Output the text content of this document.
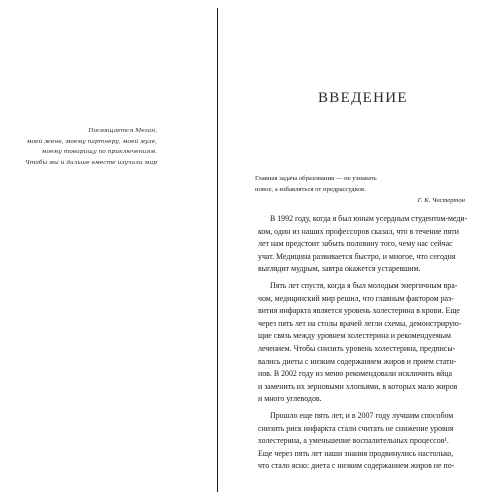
Посвящается Меган,
моей жене, моему партнеру, моей музе,
моему товарищу по приключениям.
Чтобы мы и дальше вместе изучали мир
ВВЕДЕНИЕ
Главная задача образования — не узнавать
новое, а избавляться от предрассудков.
Г. К. Честертон
В 1992 году, когда я был юным усердным студентом-меди-
ком, один из наших профессоров сказал, что в течение пяти
лет нам предстоит забыть половину того, чему нас сейчас
учат. Медицина развивается быстро, и многое, что сегодня
выглядит мудрым, завтра окажется устаревшим.
Пять лет спустя, когда я был молодым энергичным вра-
чом, медицинский мир решил, что главным фактором раз-
вития инфаркта является уровень холестерина в крови. Еще
через пять лет на столы врачей легли схемы, демонстрирую-
щие связь между уровнем холестерина и рекомендуемым
лечением. Чтобы снизить уровень холестерина, предписы-
вались диеты с низким содержанием жиров и прием стати-
нов. В 2002 году из меню рекомендовали исключить яйца
и заменить их зерновыми хлопьями, в которых мало жиров
и много углеводов.
Прошло еще пять лет, и в 2007 году лучшим способом
снизить риск инфаркта стали считать не снижение уровня
холестерина, а уменьшение воспалительных процессов¹.
Еще через пять лет наши знания продвинулись настолько,
что стало ясно: диета с низким содержанием жиров не по-
